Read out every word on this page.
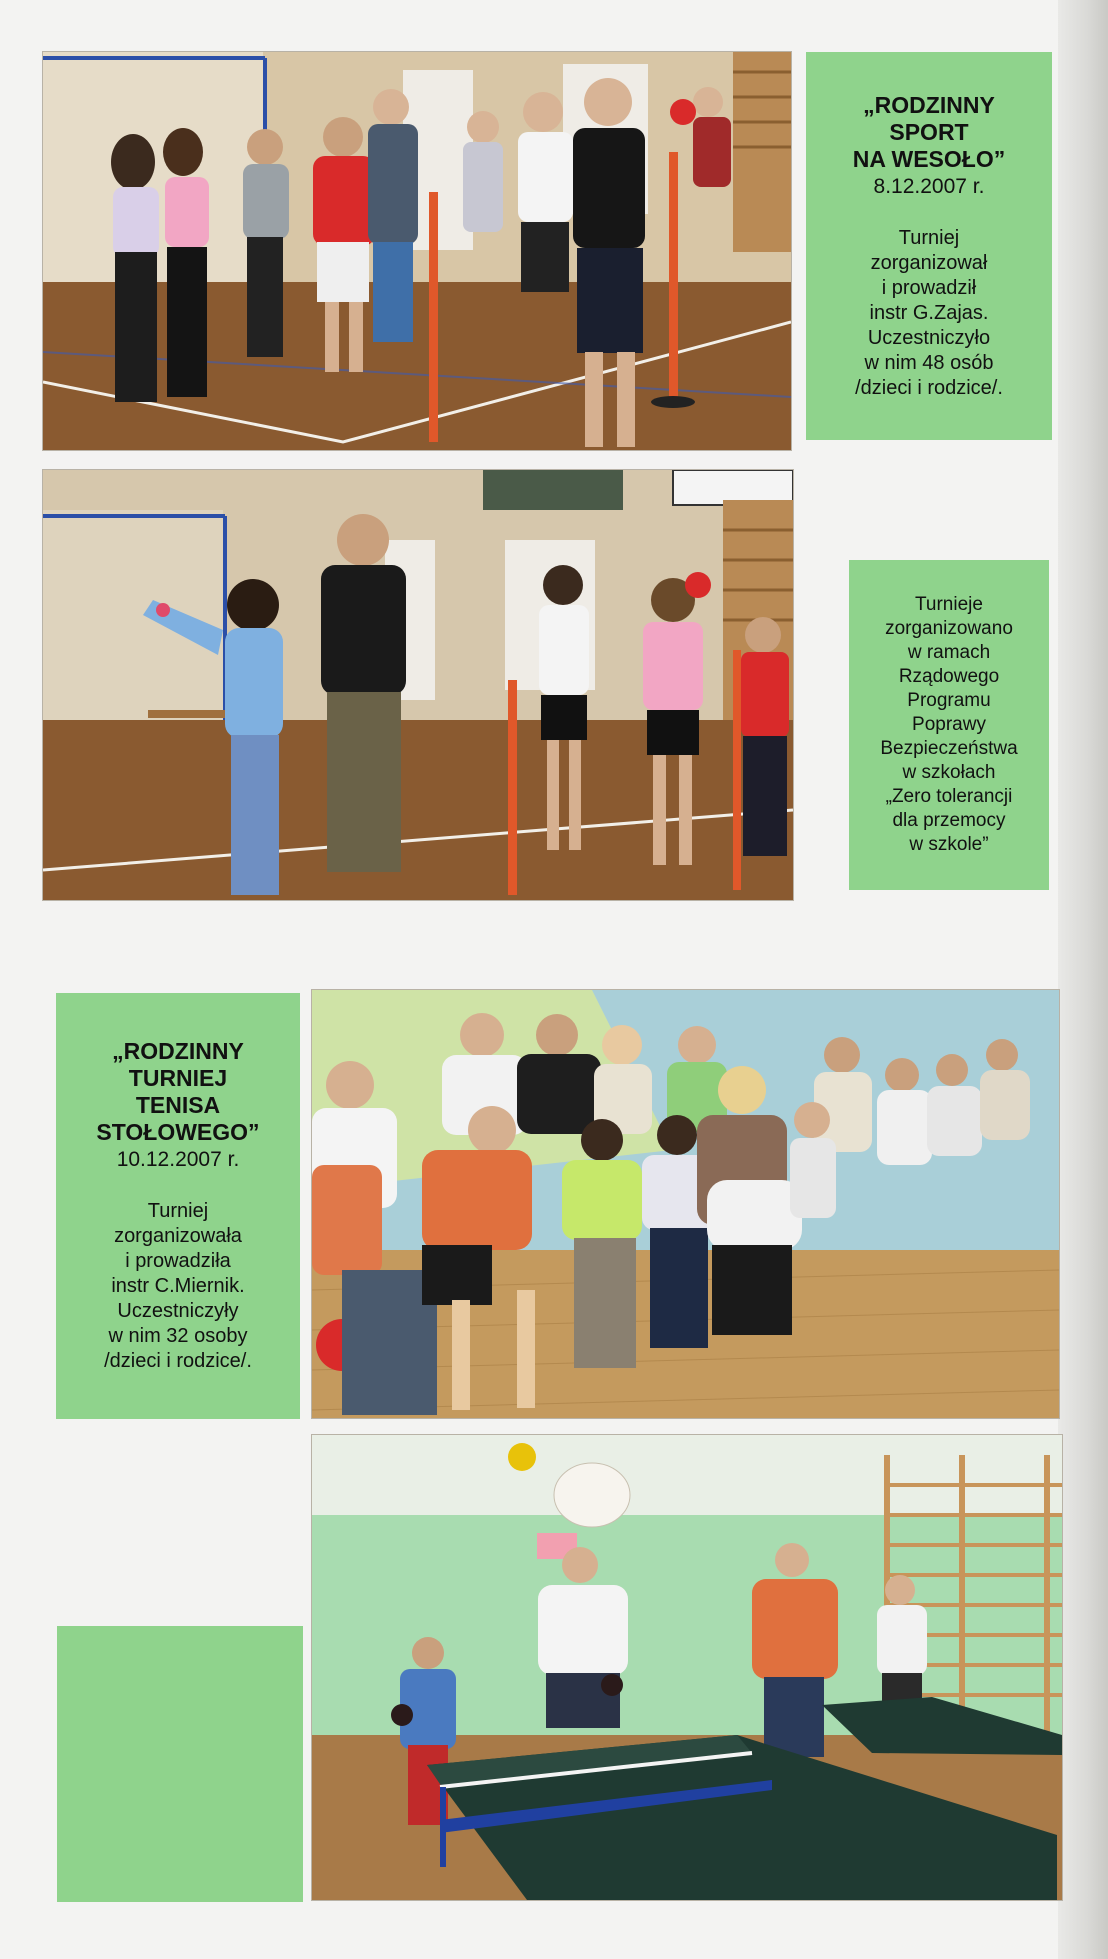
„RODZINNY
SPORT
NA WESOŁO”
8.12.2007 r.
Turniej
zorganizował
i prowadził
instr G.Zajas.
Uczestniczyło
w nim 48 osób
/dzieci i rodzice/.
Turnieje
zorganizowano
w ramach
Rządowego
Programu
Poprawy
Bezpieczeństwa
w szkołach
„Zero tolerancji
dla przemocy
w szkole”
„RODZINNY
TURNIEJ
TENISA
STOŁOWEGO”
10.12.2007 r.
Turniej
zorganizowała
i prowadziła
instr C.Miernik.
Uczestniczyły
w nim 32 osoby
/dzieci i rodzice/.
